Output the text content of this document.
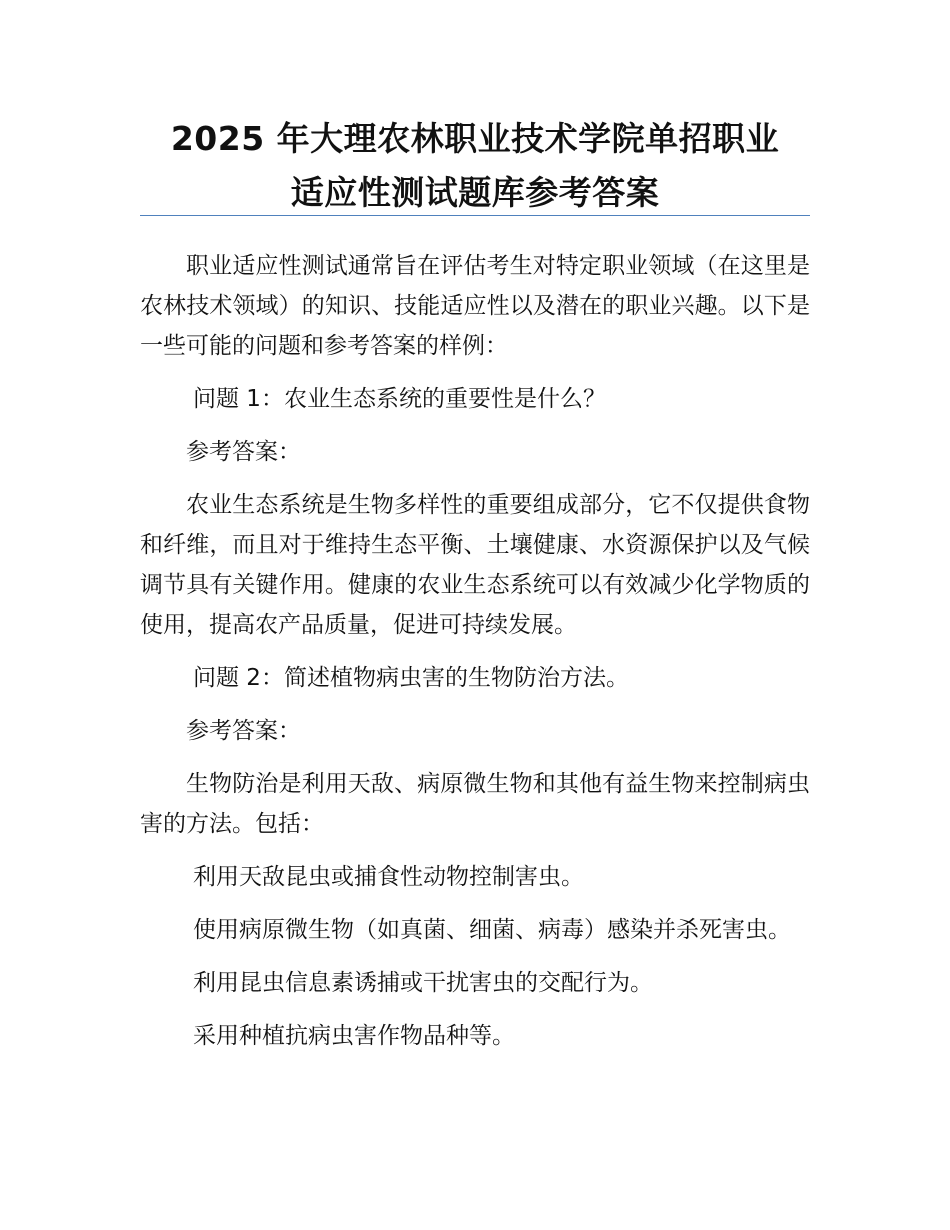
2025 年大理农林职业技术学院单招职业
适应性测试题库参考答案

职业适应性测试通常旨在评估考生对特定职业领域（在这里是农林技术领域）的知识、技能适应性以及潜在的职业兴趣。以下是一些可能的问题和参考答案的样例：

问题 1：农业生态系统的重要性是什么？

参考答案：

农业生态系统是生物多样性的重要组成部分，它不仅提供食物和纤维，而且对于维持生态平衡、土壤健康、水资源保护以及气候调节具有关键作用。健康的农业生态系统可以有效减少化学物质的使用，提高农产品质量，促进可持续发展。

问题 2：简述植物病虫害的生物防治方法。

参考答案：

生物防治是利用天敌、病原微生物和其他有益生物来控制病虫害的方法。包括：

利用天敌昆虫或捕食性动物控制害虫。

使用病原微生物（如真菌、细菌、病毒）感染并杀死害虫。

利用昆虫信息素诱捕或干扰害虫的交配行为。

采用种植抗病虫害作物品种等。
